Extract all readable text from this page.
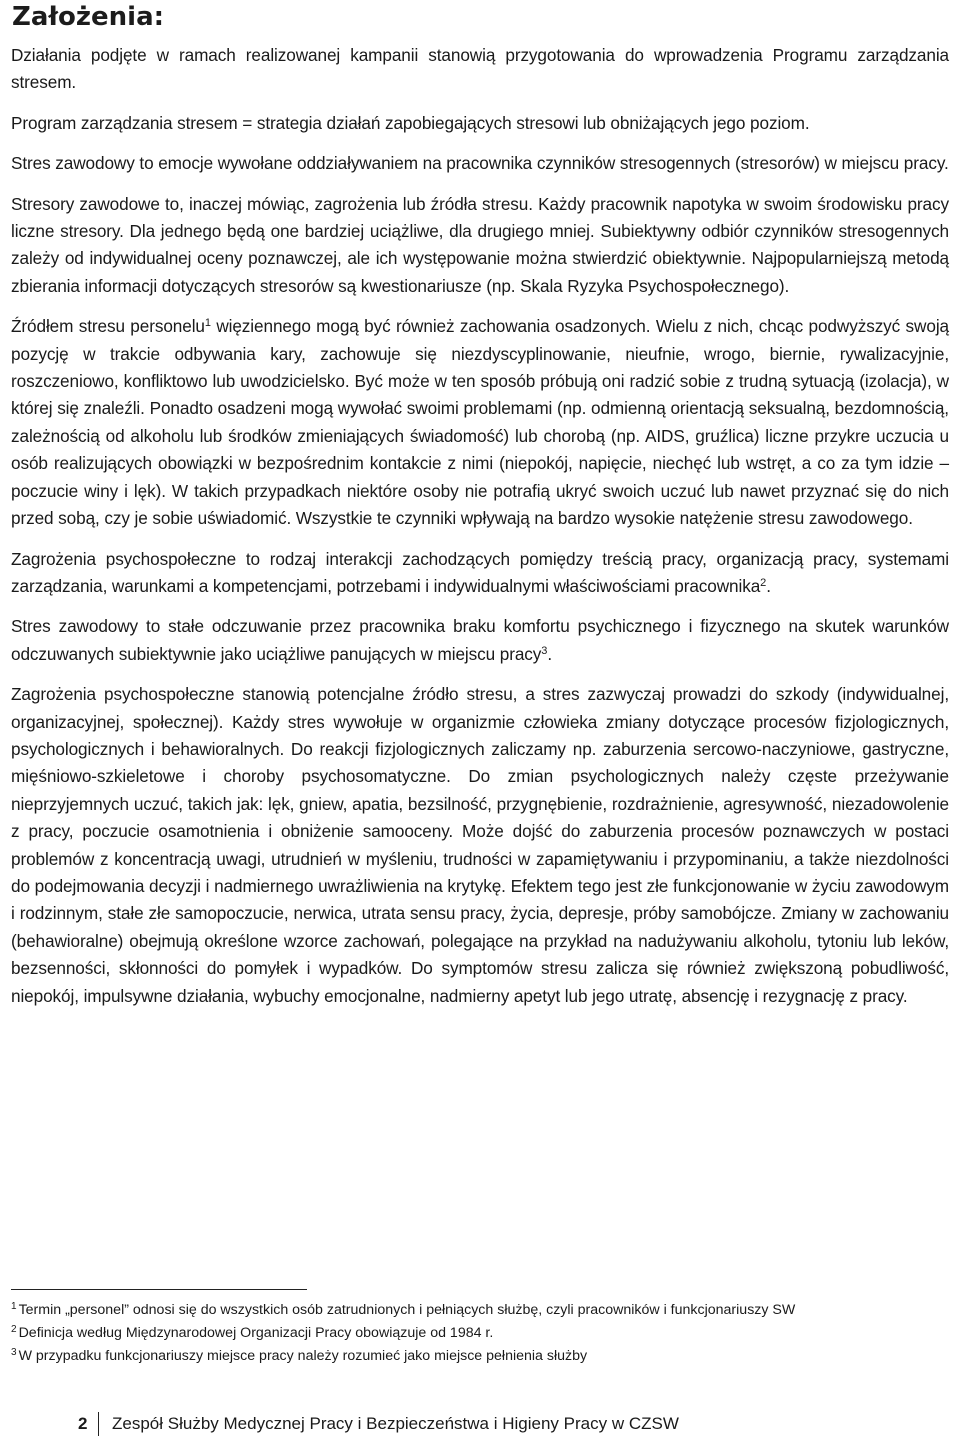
Założenia:

Działania podjęte w ramach realizowanej kampanii stanowią przygotowania do wprowadzenia Programu zarządzania stresem.

Program zarządzania stresem = strategia działań zapobiegających stresowi lub obniżających jego poziom.

Stres zawodowy to emocje wywołane oddziaływaniem na pracownika czynników stresogennych (stresorów) w miejscu pracy.

Stresory zawodowe to, inaczej mówiąc, zagrożenia lub źródła stresu. Każdy pracownik napotyka w swoim środowisku pracy liczne stresory. Dla jednego będą one bardziej uciążliwe, dla drugiego mniej. Subiektywny odbiór czynników stresogennych zależy od indywidualnej oceny poznawczej, ale ich występowanie można stwierdzić obiektywnie. Najpopularniejszą metodą zbierania informacji dotyczących stresorów są kwestionariusze (np. Skala Ryzyka Psychospołecznego).

Źródłem stresu personelu$^1$ więziennego mogą być również zachowania osadzonych. Wielu z nich, chcąc podwyższyć swoją pozycję w trakcie odbywania kary, zachowuje się niezdyscyplinowanie, nieufnie, wrogo, biernie, rywalizacyjnie, roszczeniowo, konfliktowo lub uwodzicielsko. Być może w ten sposób próbują oni radzić sobie z trudną sytuacją (izolacja), w której się znaleźli. Ponadto osadzeni mogą wywołać swoimi problemami (np. odmienną orientacją seksualną, bezdomnością, zależnością od alkoholu lub środków zmieniających świadomość) lub chorobą (np. AIDS, gruźlica) liczne przykre uczucia u osób realizujących obowiązki w bezpośrednim kontakcie z nimi (niepokój, napięcie, niechęć lub wstręt, a co za tym idzie – poczucie winy i lęk). W takich przypadkach niektóre osoby nie potrafią ukryć swoich uczuć lub nawet przyznać się do nich przed sobą, czy je sobie uświadomić. Wszystkie te czynniki wpływają na bardzo wysokie natężenie stresu zawodowego.

Zagrożenia psychospołeczne to rodzaj interakcji zachodzących pomiędzy treścią pracy, organizacją pracy, systemami zarządzania, warunkami a kompetencjami, potrzebami i indywidualnymi właściwościami pracownika$^2$.

Stres zawodowy to stałe odczuwanie przez pracownika braku komfortu psychicznego i fizycznego na skutek warunków odczuwanych subiektywnie jako uciążliwe panujących w miejscu pracy$^3$.

Zagrożenia psychospołeczne stanowią potencjalne źródło stresu, a stres zazwyczaj prowadzi do szkody (indywidualnej, organizacyjnej, społecznej). Każdy stres wywołuje w organizmie człowieka zmiany dotyczące procesów fizjologicznych, psychologicznych i behawioralnych. Do reakcji fizjologicznych zaliczamy np. zaburzenia sercowo-naczyniowe, gastryczne, mięśniowo-szkieletowe i choroby psychosomatyczne. Do zmian psychologicznych należy częste przeżywanie nieprzyjemnych uczuć, takich jak: lęk, gniew, apatia, bezsilność, przygnębienie, rozdrażnienie, agresywność, niezadowolenie z pracy, poczucie osamotnienia i obniżenie samooceny. Może dojść do zaburzenia procesów poznawczych w postaci problemów z koncentracją uwagi, utrudnień w myśleniu, trudności w zapamiętywaniu i przypominaniu, a także niezdolności do podejmowania decyzji i nadmiernego uwrażliwienia na krytykę. Efektem tego jest złe funkcjonowanie w życiu zawodowym i rodzinnym, stałe złe samopoczucie, nerwica, utrata sensu pracy, życia, depresje, próby samobójcze. Zmiany w zachowaniu (behawioralne) obejmują określone wzorce zachowań, polegające na przykład na nadużywaniu alkoholu, tytoniu lub leków, bezsenności, skłonności do pomyłek i wypadków. Do symptomów stresu zalicza się również zwiększoną pobudliwość, niepokój, impulsywne działania, wybuchy emocjonalne, nadmierny apetyt lub jego utratę, absencję i rezygnację z pracy.

$^1$ Termin „personel” odnosi się do wszystkich osób zatrudnionych i pełniących służbę, czyli pracowników i funkcjonariuszy SW

$^2$ Definicja według Międzynarodowej Organizacji Pracy obowiązuje od 1984 r.

$^3$ W przypadku funkcjonariuszy miejsce pracy należy rozumieć jako miejsce pełnienia służby

2 Zespół Służby Medycznej Pracy i Bezpieczeństwa i Higieny Pracy w CZSW
